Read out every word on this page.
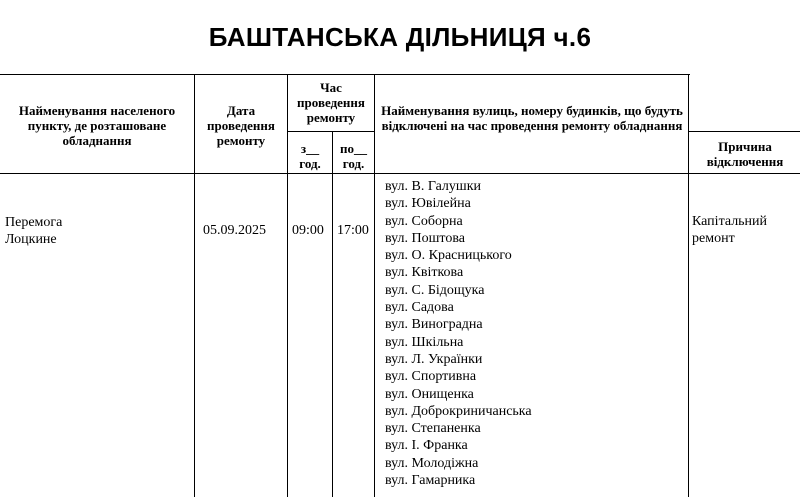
БАШТАНСЬКА ДІЛЬНИЦЯ ч.6
Найменування населеного пункту, де розташоване обладнання
Дата проведення ремонту
Час проведення ремонту
з__ год.
по__ год.
Найменування вулиць, номеру будинків, що будуть відключені на час проведення ремонту обладнання
Причина відключення
Перемога
Лоцкине
05.09.2025 09:00 17:00
Капітальний ремонт
вул. В. Галушки
вул. Ювілейна
вул. Соборна
вул. Поштова
вул. О. Красницького
вул. Квіткова
вул. С. Бідощука
вул. Садова
вул. Виноградна
вул. Шкільна
вул. Л. Українки
вул. Спортивна
вул. Онищенка
вул. Доброкриничанська
вул. Степаненка
вул. І. Франка
вул. Молодіжна
вул. Гамарника
